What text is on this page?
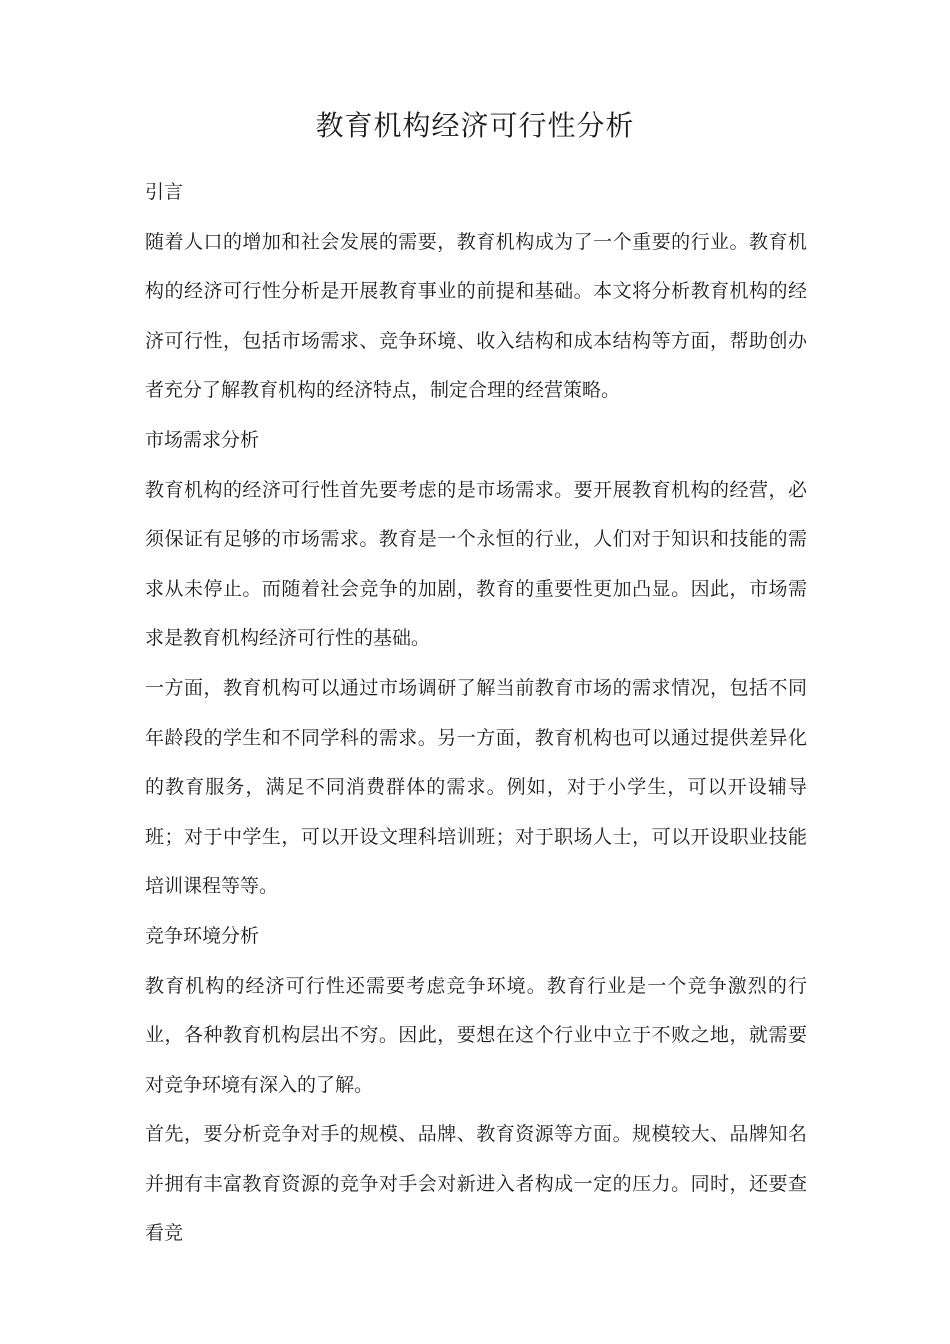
教育机构经济可行性分析
引言

随着人口的增加和社会发展的需要，教育机构成为了一个重要的行业。教育机构的经济可行性分析是开展教育事业的前提和基础。本文将分析教育机构的经济可行性，包括市场需求、竞争环境、收入结构和成本结构等方面，帮助创办者充分了解教育机构的经济特点，制定合理的经营策略。

市场需求分析

教育机构的经济可行性首先要考虑的是市场需求。要开展教育机构的经营，必须保证有足够的市场需求。教育是一个永恒的行业，人们对于知识和技能的需求从未停止。而随着社会竞争的加剧，教育的重要性更加凸显。因此，市场需求是教育机构经济可行性的基础。

一方面，教育机构可以通过市场调研了解当前教育市场的需求情况，包括不同年龄段的学生和不同学科的需求。另一方面，教育机构也可以通过提供差异化的教育服务，满足不同消费群体的需求。例如，对于小学生，可以开设辅导班；对于中学生，可以开设文理科培训班；对于职场人士，可以开设职业技能培训课程等等。

竞争环境分析

教育机构的经济可行性还需要考虑竞争环境。教育行业是一个竞争激烈的行业，各种教育机构层出不穷。因此，要想在这个行业中立于不败之地，就需要对竞争环境有深入的了解。

首先，要分析竞争对手的规模、品牌、教育资源等方面。规模较大、品牌知名并拥有丰富教育资源的竞争对手会对新进入者构成一定的压力。同时，还要查看竞
